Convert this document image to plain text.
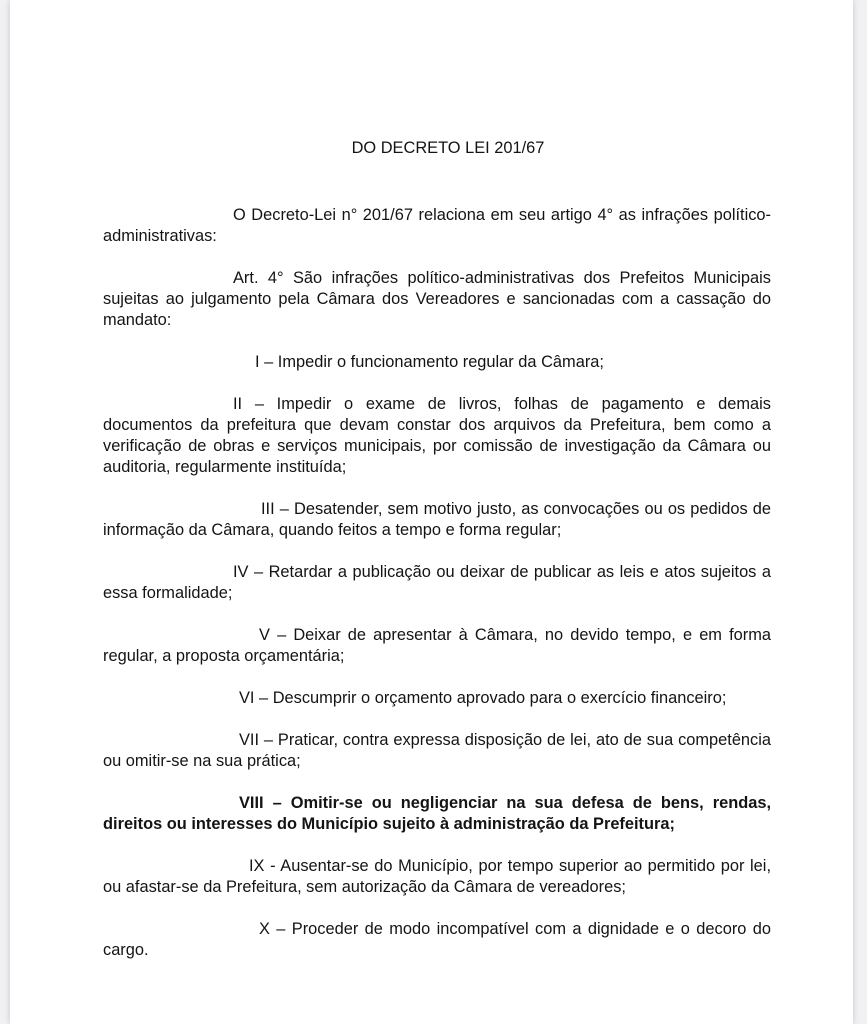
DO DECRETO LEI 201/67

O Decreto-Lei n° 201/67 relaciona em seu artigo 4° as infrações político-administrativas:

Art. 4° São infrações político-administrativas dos Prefeitos Municipais sujeitas ao julgamento pela Câmara dos Vereadores e sancionadas com a cassação do mandato:

I – Impedir o funcionamento regular da Câmara;

II – Impedir o exame de livros, folhas de pagamento e demais documentos da prefeitura que devam constar dos arquivos da Prefeitura, bem como a verificação de obras e serviços municipais, por comissão de investigação da Câmara ou auditoria, regularmente instituída;

III – Desatender, sem motivo justo, as convocações ou os pedidos de informação da Câmara, quando feitos a tempo e forma regular;

IV – Retardar a publicação ou deixar de publicar as leis e atos sujeitos a essa formalidade;

V – Deixar de apresentar à Câmara, no devido tempo, e em forma regular, a proposta orçamentária;

VI – Descumprir o orçamento aprovado para o exercício financeiro;

VII – Praticar, contra expressa disposição de lei, ato de sua competência ou omitir-se na sua prática;

VIII – Omitir-se ou negligenciar na sua defesa de bens, rendas, direitos ou interesses do Município sujeito à administração da Prefeitura;

IX - Ausentar-se do Município, por tempo superior ao permitido por lei, ou afastar-se da Prefeitura, sem autorização da Câmara de vereadores;

X – Proceder de modo incompatível com a dignidade e o decoro do cargo.
